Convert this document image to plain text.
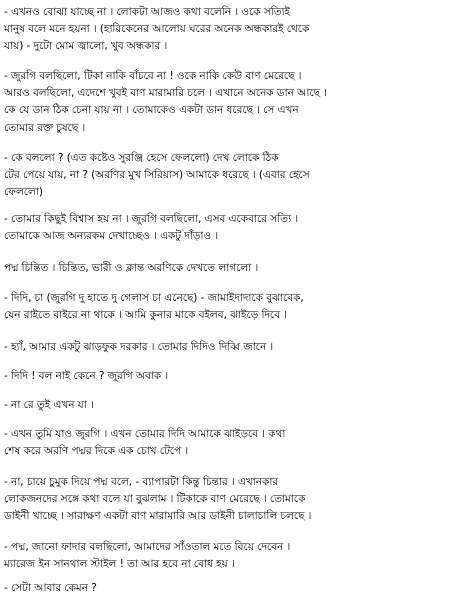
- এখনও বোঝা যাচ্ছে না । লোকটা আজও কথা বলেনি । ওকে সত্যিই
মানুষ বলে মনে হয়না । (হারিকেনের আলোয় ঘরের অনেক অন্ধকারই থেকে
যায়) - দুটো মোম জ্বালো, খুব অন্ধকার ।
- জুরগি বলছিলো, টিকা নাকি বাঁচবে না ! ওকে নাকি কেউ বাণ মেরেছে ।
আরও বলছিলো, এদেশে খুবই বাণ মারামারি চলে । এখানে অনেক ডান আছে ।
কে যে ডান ঠিক চেনা যায় না । তোমাকেও একটা ডান ধরেছে । সে এখন
তোমার রক্ত চুষছে ।
- কে বললো ? (এত কষ্টেও সুরঞ্জি হেসে ফেললো) দেখ লোকে ঠিক
টের পেয়ে যায়, না ? (অরণির মুখ সিরিয়াস) আমাকে ধরেছে । (এবার হেসে
ফেললো)
- তোমার কিছুই বিশ্বাস হয় না । জুরগি বলছিলো, এসব একেবারে সত্যি ।
তোমাকে আজ অন্যরকম দেখাচ্ছেও । একটু দাঁড়াও ।
পদ্ম চিন্তিত । চিন্তিত, ভারী ও ক্লান্ত অরণিকে দেখতে লাগলো ।
- দিদি, চা (জুরগি দু হাতে দু গেলাস চা এনেছে) - জামাইদাদাকে বুঝাবেক,
যেন রাইতে বাইরে না থাকে । আমি কুনার মাকে বইলব, ঝাইড়ে দিবে ।
- হ্যাঁ, আমার একটু ঝাড়ফুক দরকার । তোমার দিদিও দিব্বি জানে ।
- দিদি ! বল নাই কেনে ? জুরগি অবাক ।
- না রে তুই এখন যা ।
- এখন তুমি যাও জুরগি । এখন তোমার দিদি আমাকে ঝাইড়বে । কথা
শেষ করে অরণি পদ্মর দিকে এক চোখ টেপে ।
- না, চায়ে চুমুক দিয়ে পদ্ম বলে, - ব্যাপারটা কিন্তু চিন্তার । এখানকার
লোকজনদের সঙ্গে কথা বলে যা বুঝলাম । টিকাকে বাণ মেরেছে । তোমাকে
ডাইনী খাচ্ছে । সারাক্ষণ একটা বাণ মারামারি আর ডাইনী চালাচালি চলছে ।
- পদ্ম, জানো ফাদার বলছিলো, আমাদের সাঁওতাল মতে বিয়ে দেবেন ।
ম্যারেজ ইন সানথাল স্টাইল ! তা আর হবে না বোধ হয় ।
- সেটা আবার কেমন ?
